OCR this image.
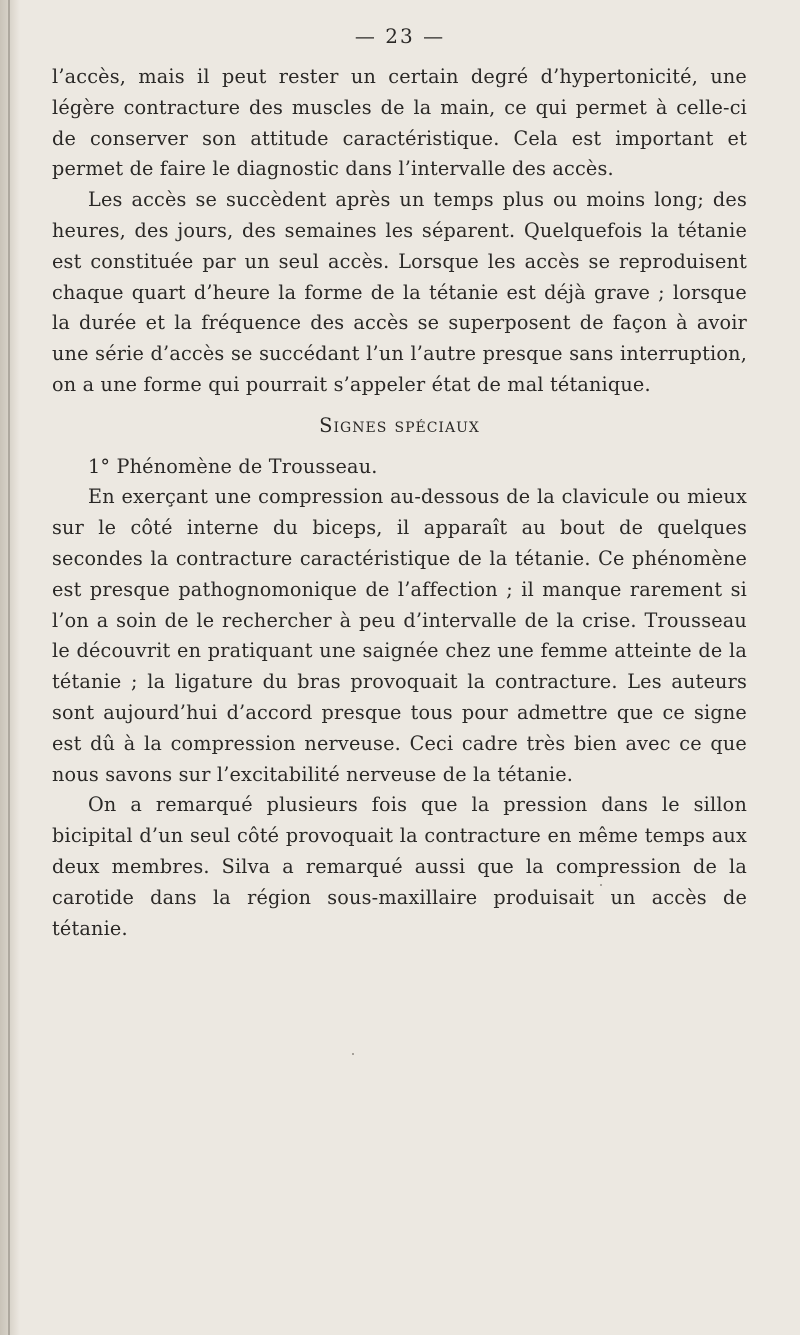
— 23 —

l’accès, mais il peut rester un certain degré d’hypertonicité, une légère contracture des muscles de la main, ce qui permet à celle-ci de conserver son attitude caractéristique. Cela est important et permet de faire le diagnostic dans l’intervalle des accès.

Les accès se succèdent après un temps plus ou moins long; des heures, des jours, des semaines les séparent. Quelquefois la tétanie est constituée par un seul accès. Lorsque les accès se reproduisent chaque quart d’heure la forme de la tétanie est déjà grave ; lorsque la durée et la fréquence des accès se superposent de façon à avoir une série d’accès se succédant l’un l’autre presque sans interruption, on a une forme qui pourrait s’appeler état de mal tétanique.

Signes spéciaux

1° Phénomène de Trousseau.

En exerçant une compression au-dessous de la clavicule ou mieux sur le côté interne du biceps, il apparaît au bout de quelques secondes la contracture caractéristique de la tétanie. Ce phénomène est presque pathognomonique de l’affection ; il manque rarement si l’on a soin de le rechercher à peu d’intervalle de la crise. Trousseau le découvrit en pratiquant une saignée chez une femme atteinte de la tétanie ; la ligature du bras provoquait la contracture. Les auteurs sont aujourd’hui d’accord presque tous pour admettre que ce signe est dû à la compression nerveuse. Ceci cadre très bien avec ce que nous savons sur l’excitabilité nerveuse de la tétanie.

On a remarqué plusieurs fois que la pression dans le sillon bicipital d’un seul côté provoquait la contracture en même temps aux deux membres. Silva a remarqué aussi que la compression de la carotide dans la région sous-maxillaire produisait un accès de tétanie.
